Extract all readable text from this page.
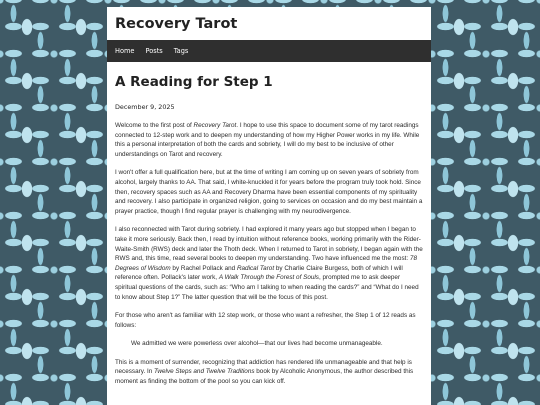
Recovery Tarot
Home	Posts	Tags
A Reading for Step 1
December 9, 2025

Welcome to the first post of Recovery Tarot. I hope to use this space to document some of my tarot readings connected to 12-step work and to deepen my understanding of how my Higher Power works in my life. While this a personal interpretation of both the cards and sobriety, I will do my best to be inclusive of other understandings on Tarot and recovery.

I won't offer a full qualification here, but at the time of writing I am coming up on seven years of sobriety from alcohol, largely thanks to AA. That said, I white-knuckled it for years before the program truly took hold. Since then, recovery spaces such as AA and Recovery Dharma have been essential components of my spirituality and recovery. I also participate in organized religion, going to services on occasion and do my best maintain a prayer practice, though I find regular prayer is challenging with my neurodivergence.

I also reconnected with Tarot during sobriety. I had explored it many years ago but stopped when I began to take it more seriously. Back then, I read by intuition without reference books, working primarily with the Rider-Waite-Smith (RWS) deck and later the Thoth deck. When I returned to Tarot in sobriety, I began again with the RWS and, this time, read several books to deepen my understanding. Two have influenced me the most: 78 Degrees of Wisdom by Rachel Pollack and Radical Tarot by Charlie Claire Burgess, both of which I will reference often. Pollack's later work, A Walk Through the Forest of Souls, prompted me to ask deeper spiritual questions of the cards, such as: “Who am I talking to when reading the cards?” and “What do I need to know about Step 1?” The latter question that will be the focus of this post.

For those who aren't as familiar with 12 step work, or those who want a refresher, the Step 1 of 12 reads as follows:

We admitted we were powerless over alcohol—that our lives had become unmanageable.

This is a moment of surrender, recognizing that addiction has rendered life unmanageable and that help is necessary. In Twelve Steps and Twelve Traditions book by Alcoholic Anonymous, the author described this moment as finding the bottom of the pool so you can kick off.
